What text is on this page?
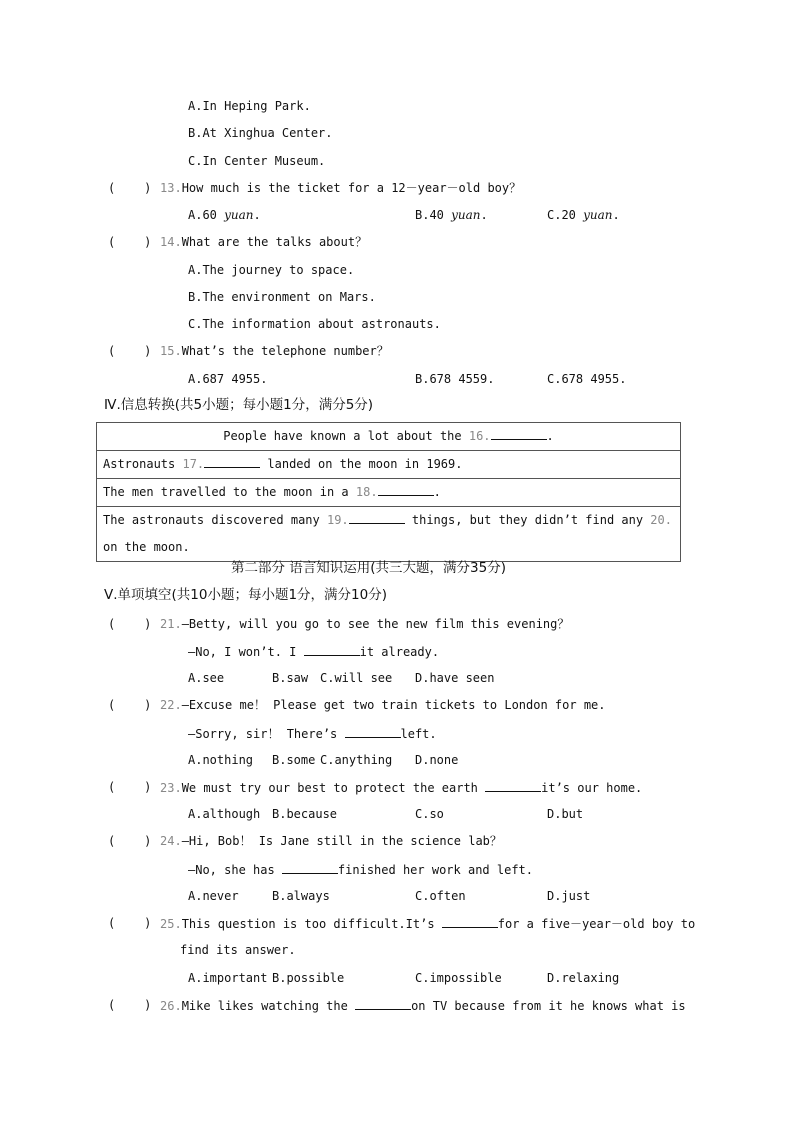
A.In Heping Park.
B.At Xinghua Center.
C.In Center Museum.
(    ) 13.How much is the ticket for a 12－year－old boy？
A.60 yuan.	B.40 yuan.	C.20 yuan.
(    ) 14.What are the talks about？
A.The journey to space.
B.The environment on Mars.
C.The information about astronauts.
(    ) 15.What’s the telephone number？
A.687 4955.	B.678 4559.	C.678 4955.
Ⅳ.信息转换(共5小题；每小题1分，满分5分)
People have known a lot about the 16.	.
Astronauts 17.	landed on the moon in 1969.
The men travelled to the moon in a 18.	.
The astronauts discovered many 19.	things, but they didn’t find any 20.
on the moon.
第二部分 语言知识运用(共三大题，满分35分)
Ⅴ.单项填空(共10小题；每小题1分，满分10分)
(    ) 21.—Betty, will you go to see the new film this evening？
—No, I won’t. I	it already.
A.see	B.saw C.will see D.have seen
(    ) 22.—Excuse me！ Please get two train tickets to London for me.
—Sorry, sir！ There’s	left.
A.nothing B.some C.anything D.none
(    ) 23.We must try our best to protect the earth	it’s our home.
A.although B.because	C.so	D.but
(    ) 24.—Hi, Bob！ Is Jane still in the science lab？
—No, she has	finished her work and left.
A.never	B.always	C.often	D.just
(    ) 25.This question is too difficult.It’s	for a five－year－old boy to
find its answer.
A.important B.possible	C.impossible	D.relaxing
(    ) 26.Mike likes watching the	on TV because from it he knows what is
